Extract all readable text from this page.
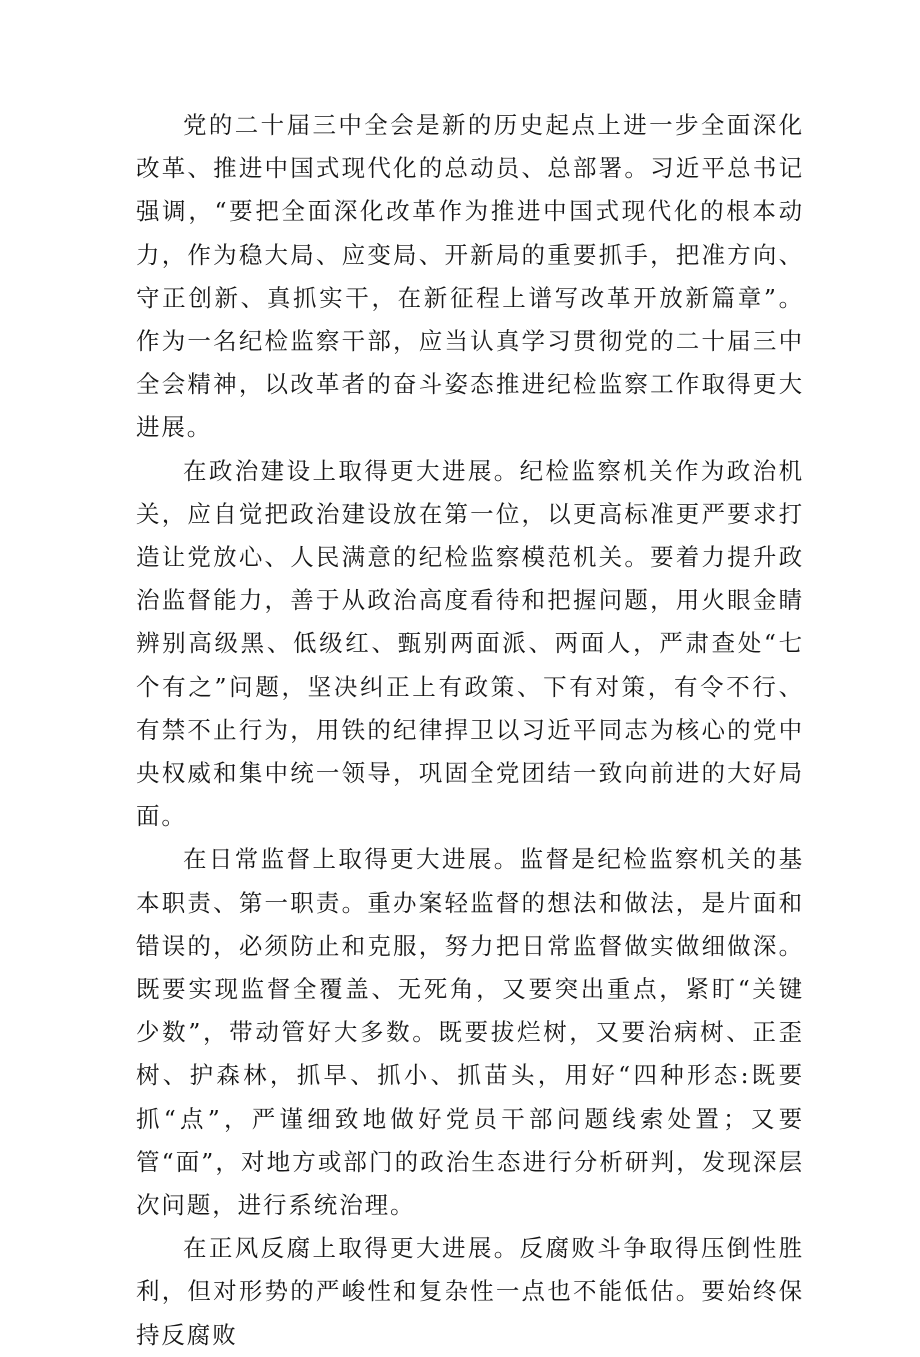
党的二十届三中全会是新的历史起点上进一步全面深化改革、推进中国式现代化的总动员、总部署。习近平总书记强调，“要把全面深化改革作为推进中国式现代化的根本动力，作为稳大局、应变局、开新局的重要抓手，把准方向、守正创新、真抓实干，在新征程上谱写改革开放新篇章”。作为一名纪检监察干部，应当认真学习贯彻党的二十届三中全会精神，以改革者的奋斗姿态推进纪检监察工作取得更大进展。

在政治建设上取得更大进展。纪检监察机关作为政治机关，应自觉把政治建设放在第一位，以更高标准更严要求打造让党放心、人民满意的纪检监察模范机关。要着力提升政治监督能力，善于从政治高度看待和把握问题，用火眼金睛辨别高级黑、低级红、甄别两面派、两面人，严肃查处“七个有之”问题，坚决纠正上有政策、下有对策，有令不行、有禁不止行为，用铁的纪律捍卫以习近平同志为核心的党中央权威和集中统一领导，巩固全党团结一致向前进的大好局面。

在日常监督上取得更大进展。监督是纪检监察机关的基本职责、第一职责。重办案轻监督的想法和做法，是片面和错误的，必须防止和克服，努力把日常监督做实做细做深。既要实现监督全覆盖、无死角，又要突出重点，紧盯“关键少数”，带动管好大多数。既要拔烂树，又要治病树、正歪树、护森林，抓早、抓小、抓苗头，用好“四种形态:既要抓“点”，严谨细致地做好党员干部问题线索处置；又要管“面”，对地方或部门的政治生态进行分析研判，发现深层次问题，进行系统治理。

在正风反腐上取得更大进展。反腐败斗争取得压倒性胜利，但对形势的严峻性和复杂性一点也不能低估。要始终保持反腐败
